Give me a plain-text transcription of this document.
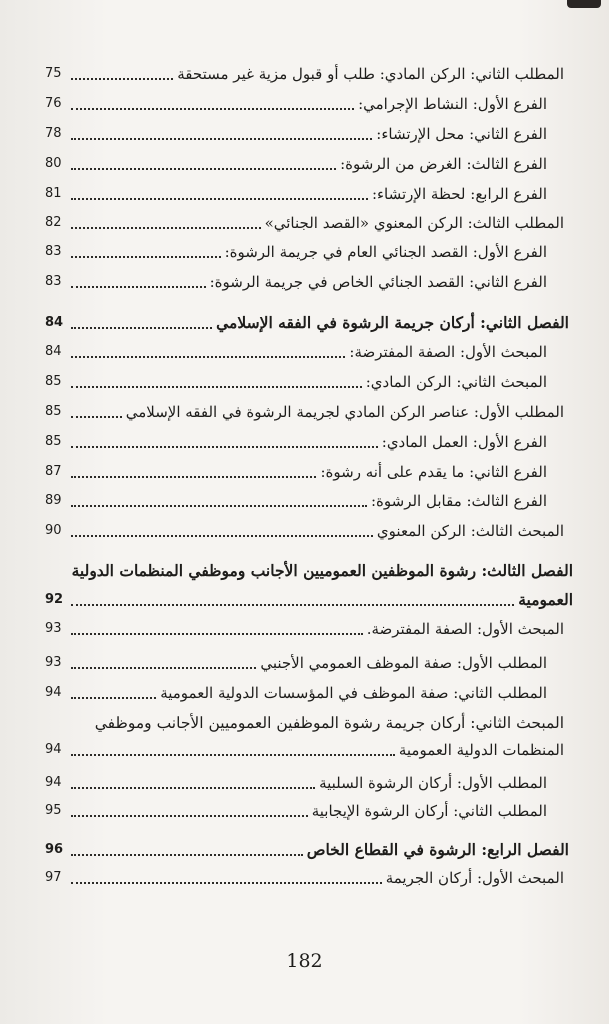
المطلب الثاني: الركن المادي: طلب أو قبول مزية غير مستحقة
75
الفرع الأول: النشاط الإجرامي:
76
الفرع الثاني: محل الإرتشاء:
78
الفرع الثالث: الغرض من الرشوة:
80
الفرع الرابع: لحظة الإرتشاء:
81
المطلب الثالث: الركن المعنوي «القصد الجنائي»
82
الفرع الأول: القصد الجنائي العام في جريمة الرشوة:
83
الفرع الثاني: القصد الجنائي الخاص في جريمة الرشوة:
83
الفصل الثاني: أركان جريمة الرشوة في الفقه الإسلامي
84
المبحث الأول: الصفة المفترضة:
84
المبحث الثاني: الركن المادي:
85
المطلب الأول: عناصر الركن المادي لجريمة الرشوة في الفقه الإسلامي
85
الفرع الأول: العمل المادي:
85
الفرع الثاني: ما يقدم على أنه رشوة:
87
الفرع الثالث: مقابل الرشوة:
89
المبحث الثالث: الركن المعنوي
90
الفصل الثالث: رشوة الموظفين العموميين الأجانب وموظفي المنظمات الدولية
العمومية
92
المبحث الأول: الصفة المفترضة.
93
المطلب الأول: صفة الموظف العمومي الأجنبي
93
المطلب الثاني: صفة الموظف في المؤسسات الدولية العمومية
94
المبحث الثاني: أركان جريمة رشوة الموظفين العموميين الأجانب وموظفي
المنظمات الدولية العمومية
94
المطلب الأول: أركان الرشوة السلبية
94
المطلب الثاني: أركان الرشوة الإيجابية
95
الفصل الرابع: الرشوة في القطاع الخاص
96
المبحث الأول: أركان الجريمة
97
182
